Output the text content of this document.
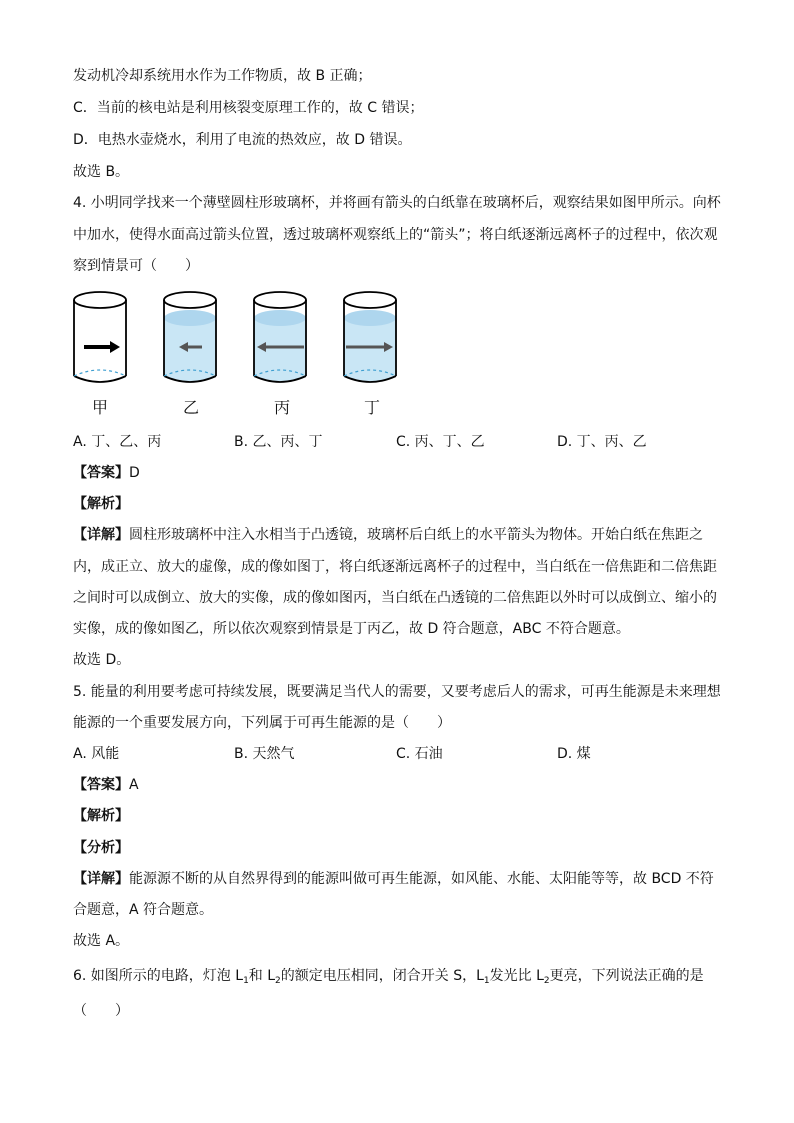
发动机冷却系统用水作为工作物质，故 B 正确；
C．当前的核电站是利用核裂变原理工作的，故 C 错误；
D．电热水壶烧水，利用了电流的热效应，故 D 错误。
故选 B。
4. 小明同学找来一个薄壁圆柱形玻璃杯，并将画有箭头的白纸靠在玻璃杯后，观察结果如图甲所示。向杯
中加水，使得水面高过箭头位置，透过玻璃杯观察纸上的“箭头”；将白纸逐渐远离杯子的过程中，依次观
察到情景可（　　）
甲	乙	丙	丁
A. 丁、乙、丙	B. 乙、丙、丁	C. 丙、丁、乙	D. 丁、丙、乙
【答案】D
【解析】
【详解】圆柱形玻璃杯中注入水相当于凸透镜，玻璃杯后白纸上的水平箭头为物体。开始白纸在焦距之
内，成正立、放大的虚像，成的像如图丁，将白纸逐渐远离杯子的过程中，当白纸在一倍焦距和二倍焦距
之间时可以成倒立、放大的实像，成的像如图丙，当白纸在凸透镜的二倍焦距以外时可以成倒立、缩小的
实像，成的像如图乙，所以依次观察到情景是丁丙乙，故 D 符合题意，ABC 不符合题意。
故选 D。
5. 能量的利用要考虑可持续发展，既要满足当代人的需要，又要考虑后人的需求，可再生能源是未来理想
能源的一个重要发展方向，下列属于可再生能源的是（　　）
A. 风能	B. 天然气	C. 石油	D. 煤
【答案】A
【解析】
【分析】
【详解】能源源不断的从自然界得到的能源叫做可再生能源，如风能、水能、太阳能等等，故 BCD 不符
合题意，A 符合题意。
故选 A。
6. 如图所示的电路，灯泡 $L_1$和 $L_2$的额定电压相同，闭合开关 S，$L_1$发光比 $L_2$更亮，下列说法正确的是
（　　）
